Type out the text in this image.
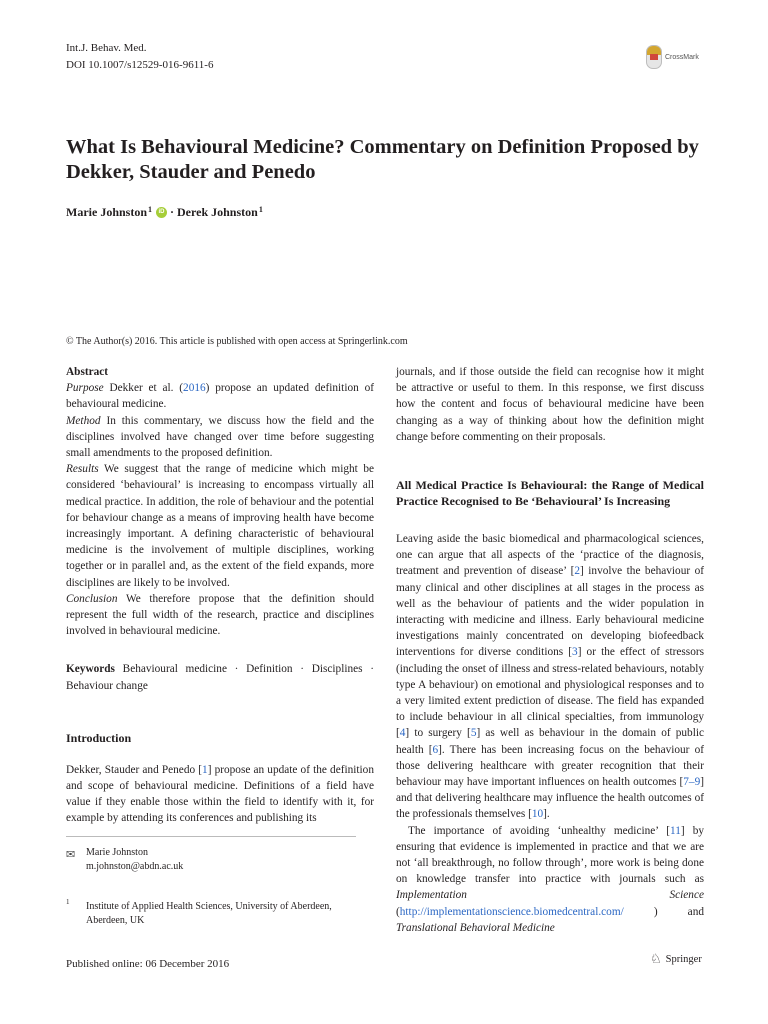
Int.J. Behav. Med.
DOI 10.1007/s12529-016-9611-6
CrossMark
What Is Behavioural Medicine? Commentary on Definition Proposed by Dekker, Stauder and Penedo
Marie Johnston$^1$	iD ·
Derek Johnston$^1$
© The Author(s) 2016. This article is published with open access at Springerlink.com

Abstract

Purpose Dekker et al. (2016) propose an updated definition of behavioural medicine.

Method In this commentary, we discuss how the field and the disciplines involved have changed over time before suggesting small amendments to the proposed definition.

Results We suggest that the range of medicine which might be considered ‘behavioural’ is increasing to encompass virtually all medical practice. In addition, the role of behaviour and the potential for behaviour change as a means of improving health have become increasingly important. A defining characteristic of behavioural medicine is the involvement of multiple disciplines, working together or in parallel and, as the extent of the field expands, more disciplines are likely to be involved.

Conclusion We therefore propose that the definition should represent the full width of the research, practice and disciplines involved in behavioural medicine.

Keywords Behavioural medicine · Definition · Disciplines · Behaviour change

Introduction

Dekker, Stauder and Penedo [1] propose an update of the definition and scope of behavioural medicine. Definitions of a field have value if they enable those within the field to identify with it, for example by attending its conferences and publishing its

✉ Marie Johnston
m.johnston@abdn.ac.uk
1 Institute of Applied Health Sciences, University of Aberdeen, Aberdeen, UK

journals, and if those outside the field can recognise how it might be attractive or useful to them. In this response, we first discuss how the content and focus of behavioural medicine have been changing as a way of thinking about how the definition might change before commenting on their proposals.

All Medical Practice Is Behavioural: the Range of Medical Practice Recognised to Be ‘Behavioural’ Is Increasing

Leaving aside the basic biomedical and pharmacological sciences, one can argue that all aspects of the ‘practice of the diagnosis, treatment and prevention of disease’ [2] involve the behaviour of many clinical and other disciplines at all stages in the process as well as the behaviour of patients and the wider population in interacting with medicine and illness. Early behavioural medicine investigations mainly concentrated on developing biofeedback interventions for diverse conditions [3] or the effect of stressors (including the onset of illness and stress-related behaviours, notably type A behaviour) on emotional and physiological responses and to a very limited extent prediction of disease. The field has expanded to include behaviour in all clinical specialties, from immunology [4] to surgery [5] as well as behaviour in the domain of public health [6]. There has been increasing focus on the behaviour of those delivering healthcare with greater recognition that their behaviour may have important influences on health outcomes [7–9] and that delivering healthcare may influence the health outcomes of the professionals themselves [10].

The importance of avoiding ‘unhealthy medicine’ [11] by ensuring that evidence is implemented in practice and that we are not ‘all breakthrough, no follow through’, more work is being done on knowledge transfer into practice with journals such as Implementation Science (http://implementationscience.biomedcentral.com/ ) and Translational Behavioral Medicine

Published online: 06 December 2016	♘ Springer
